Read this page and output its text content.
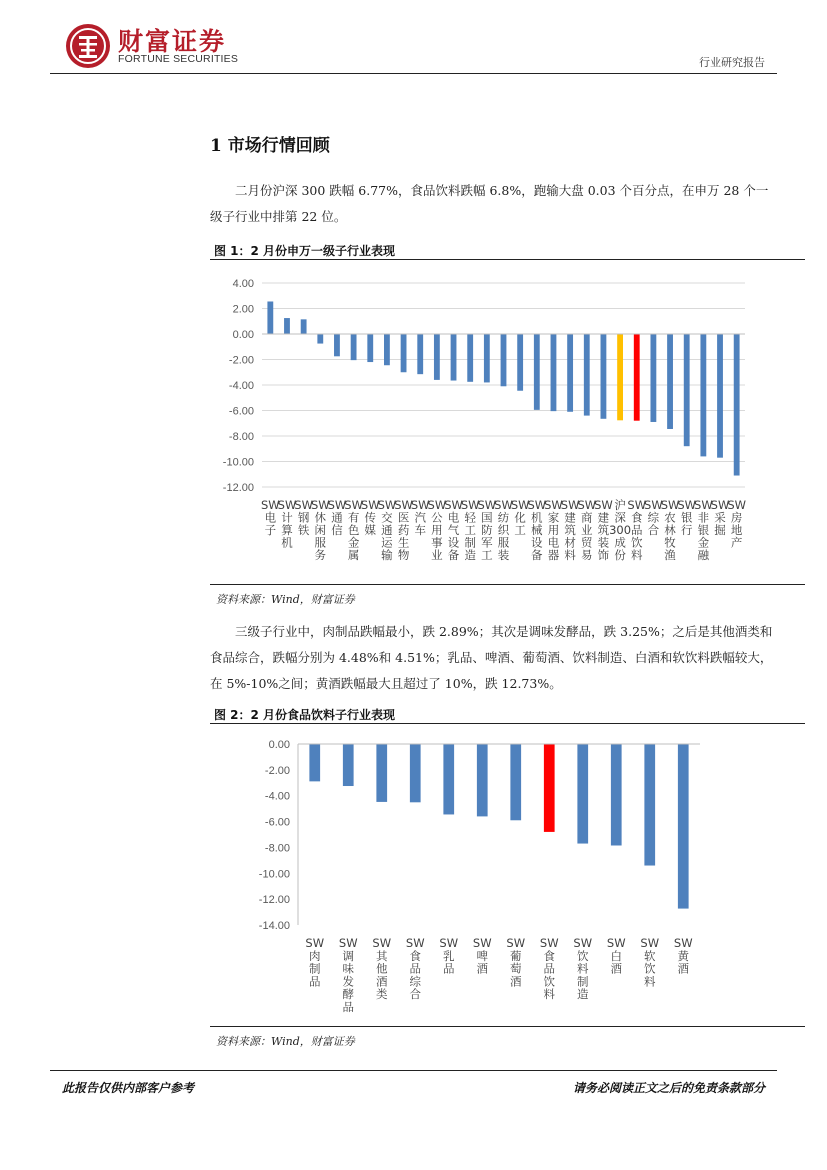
财富证券
FORTUNE SECURITIES	行业研究报告
1 市场行情回顾

二月份沪深 300 跌幅 6.77%，食品饮料跌幅 6.8%，跑输大盘 0.03 个百分点，在申万 28 个一级子行业中排第 22 位。

图 1：2 月份申万一级子行业表现
4.00
2.00
0.00
-2.00
-4.00
-6.00
-8.00
-10.00
-12.00
SW 电子
SW 计算机
SW 钢铁
SW 休闲服务
SW 通信
SW 有色金属
SW 传媒
SW 交通运输
SW 医药生物
SW 汽车
SW 公用事业
SW 电气设备
SW 轻工制造
SW 国防军工
SW 纺织服装
SW 化工
SW 机械设备
SW 家用电器
SW 建筑材料
SW 商业贸易
SW 建筑装饰
沪深 300 成份
SW 食品饮料
SW 综合
SW 农林牧渔
SW 银行
SW 非银金融
SW 采掘
SW 房地产
资料来源：Wind，财富证券

三级子行业中，肉制品跌幅最小，跌 2.89%；其次是调味发酵品，跌 3.25%；之后是其他酒类和食品综合，跌幅分别为 4.48%和 4.51%；乳品、啤酒、葡萄酒、饮料制造、白酒和软饮料跌幅较大，在 5%-10%之间；黄酒跌幅最大且超过了 10%，跌 12.73%。

图 2：2 月份食品饮料子行业表现
0.00
-2.00
-4.00
-6.00
-8.00
-10.00
-12.00
-14.00
SW 肉制品
SW 调味发酵品
SW 其他酒类
SW 食品综合
SW 乳品
SW 啤酒
SW 葡萄酒
SW 食品饮料
SW 饮料制造
SW 白酒
SW 软饮料
SW 黄酒
资料来源：Wind，财富证券
此报告仅供内部客户参考	请务必阅读正文之后的免责条款部分
